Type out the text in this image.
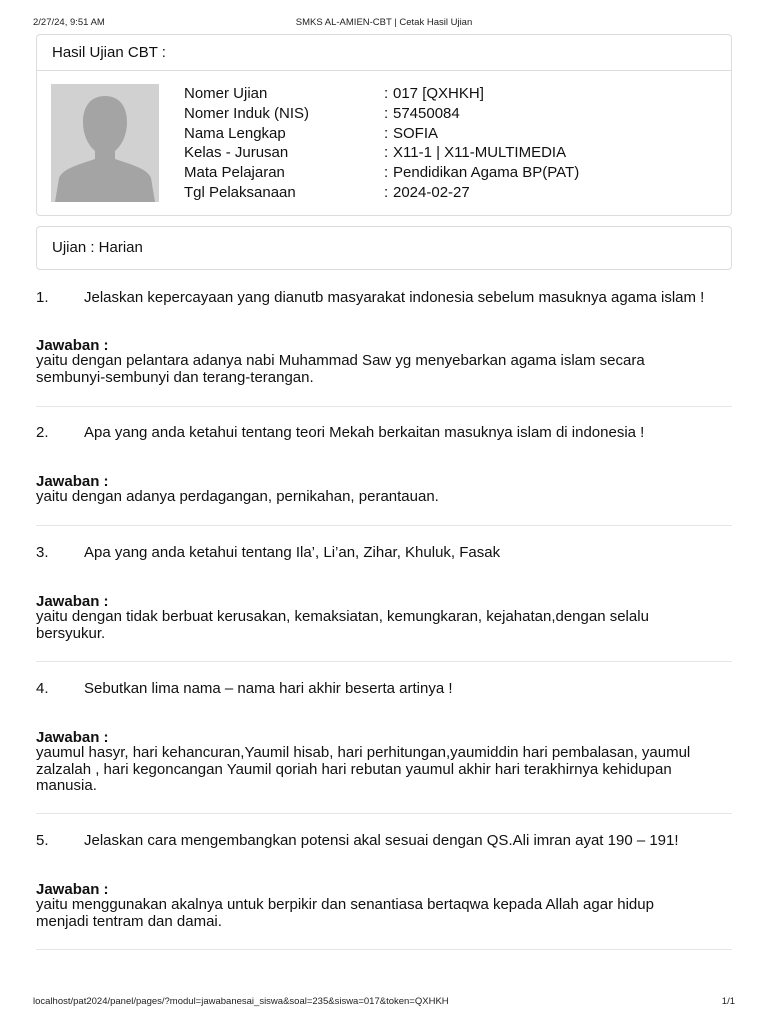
2/27/24, 9:51 AM	SMKS AL-AMIEN-CBT | Cetak Hasil Ujian
Hasil Ujian CBT :
Nomer Ujian	: 017 [QXHKH]
Nomer Induk (NIS)	: 57450084
Nama Lengkap	: SOFIA
Kelas - Jurusan	: X11-1 | X11-MULTIMEDIA
Mata Pelajaran	: Pendidikan Agama BP(PAT)
Tgl Pelaksanaan	: 2024-02-27
Ujian : Harian
1. Jelaskan kepercayaan yang dianutb masyarakat indonesia sebelum masuknya agama islam !
Jawaban :
yaitu dengan pelantara adanya nabi Muhammad Saw yg menyebarkan agama islam secara
sembunyi-sembunyi dan terang-terangan.
2. Apa yang anda ketahui tentang teori Mekah berkaitan masuknya islam di indonesia !
Jawaban :
yaitu dengan adanya perdagangan, pernikahan, perantauan.
3. Apa yang anda ketahui tentang Ila’, Li’an, Zihar, Khuluk, Fasak
Jawaban :
yaitu dengan tidak berbuat kerusakan, kemaksiatan, kemungkaran, kejahatan,dengan selalu
bersyukur.
4. Sebutkan lima nama – nama hari akhir beserta artinya !
Jawaban :
yaumul hasyr, hari kehancuran,Yaumil hisab, hari perhitungan,yaumiddin hari pembalasan, yaumul
zalzalah , hari kegoncangan Yaumil qoriah hari rebutan yaumul akhir hari terakhirnya kehidupan
manusia.
5. Jelaskan cara mengembangkan potensi akal sesuai dengan QS.Ali imran ayat 190 – 191!
Jawaban :
yaitu menggunakan akalnya untuk berpikir dan senantiasa bertaqwa kepada Allah agar hidup
menjadi tentram dan damai.
localhost/pat2024/panel/pages/?modul=jawabanesai_siswa&soal=235&siswa=017&token=QXHKH	1/1
